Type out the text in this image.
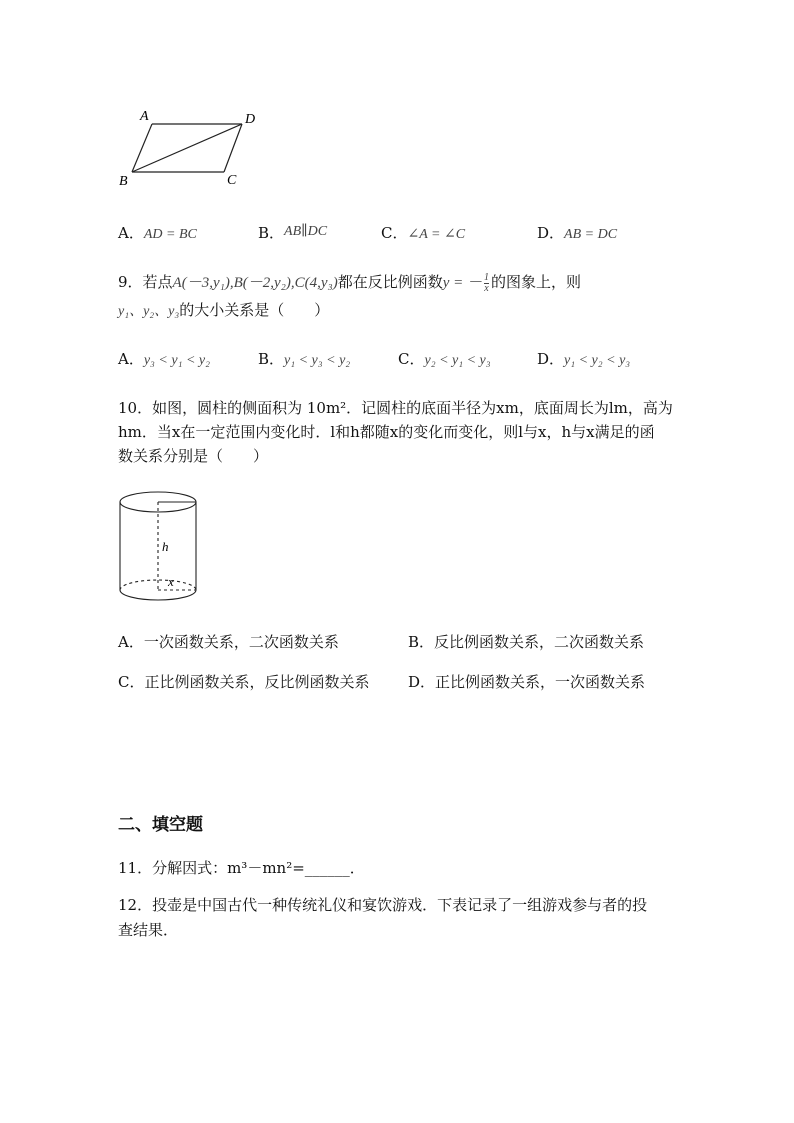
A	D
B	C
A．AD = BC	B．AB∥DC	C．∠A = ∠C	D．AB = DC
9．若点A(－3,y₁),B(－2,y₂),C(4,y₃)都在反比例函数y = － $\frac{1}{x}$ 的图象上，则
y₁、y₂、y₃的大小关系是（　　）
A．y₃ < y₁ < y₂	B．y₁ < y₃ < y₂	C．y₂ < y₁ < y₃	D．y₁ < y₂ < y₃
10．如图，圆柱的侧面积为 10m²．记圆柱的底面半径为xm，底面周长为lm，高为
hm．当x在一定范围内变化时．l和h都随x的变化而变化，则l与x，h与x满足的函
数关系分别是（　　）
h
x
A．一次函数关系，二次函数关系	B．反比例函数关系，二次函数关系
C．正比例函数关系，反比例函数关系	D．正比例函数关系，一次函数关系
二、填空题
11．分解因式：m³－mn²=______．
12．投壶是中国古代一种传统礼仪和宴饮游戏．下表记录了一组游戏参与者的投
查结果．
